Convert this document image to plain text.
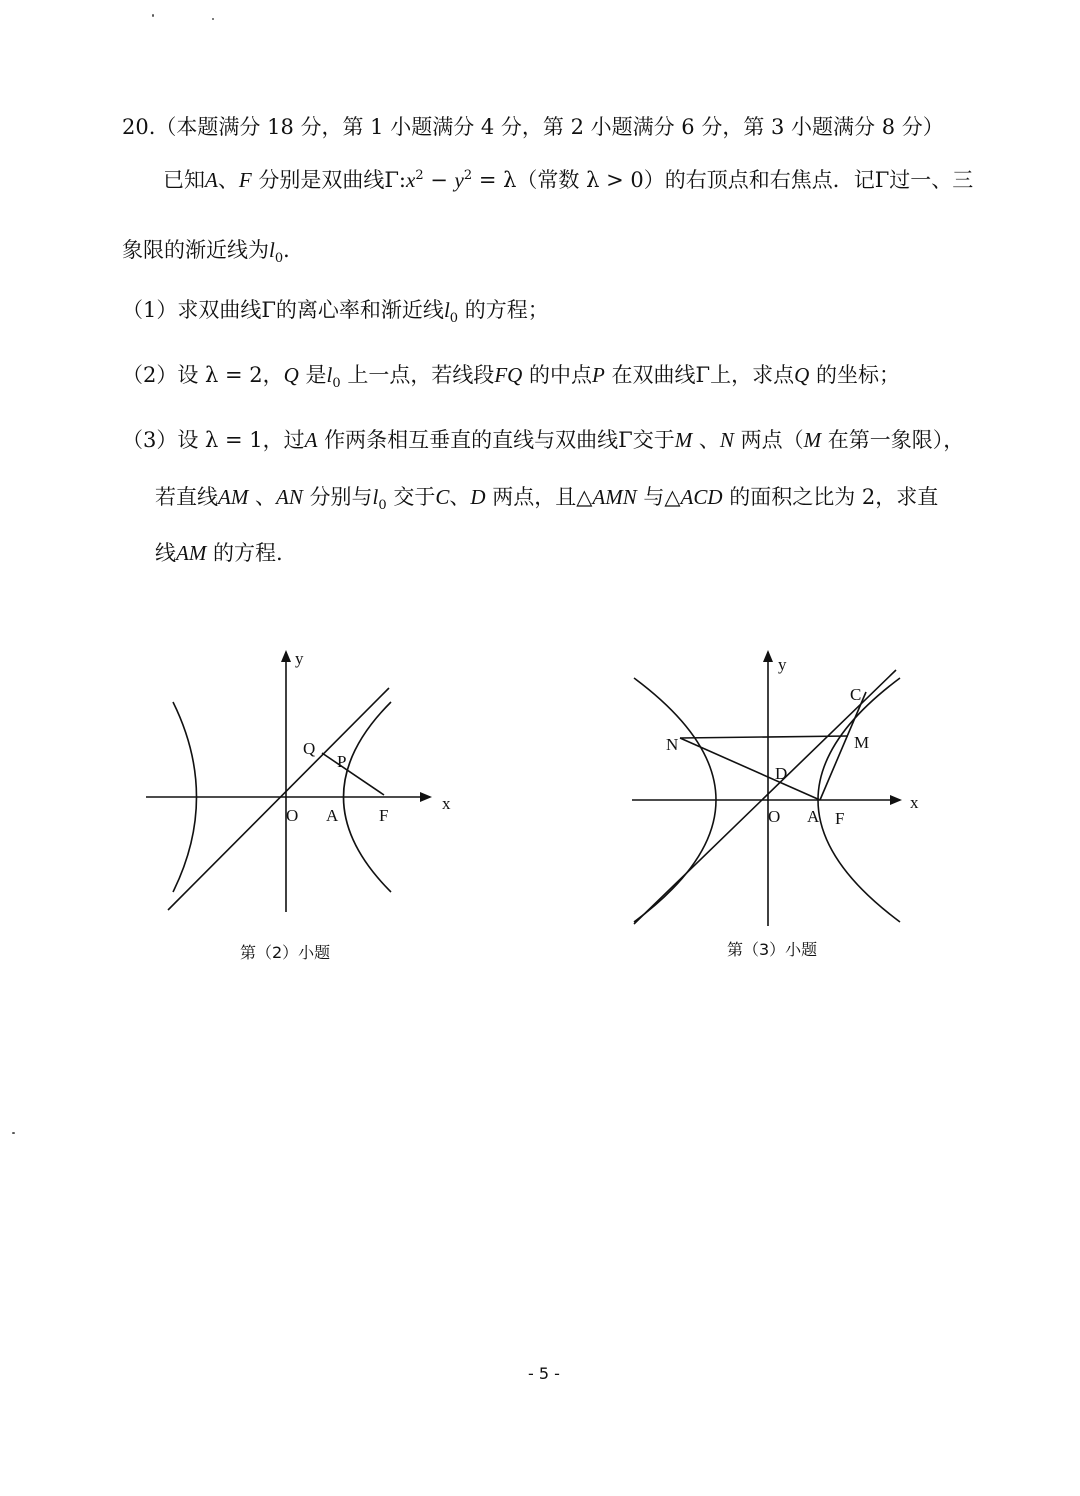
20.（本题满分 18 分，第 1 小题满分 4 分，第 2 小题满分 6 分，第 3 小题满分 8 分）
已知A、F 分别是双曲线$\Gamma:x^2 - y^2 = \lambda$（常数 λ > 0）的右顶点和右焦点．记Γ过一、三
象限的渐近线为$l_0$．
（1）求双曲线Γ的离心率和渐近线$l_0$ 的方程；
（2）设 λ = 2，Q 是$l_0$ 上一点，若线段FQ 的中点P 在双曲线Γ上，求点Q 的坐标；
（3）设 λ = 1，过A 作两条相互垂直的直线与双曲线Γ交于M 、N 两点（M 在第一象限），
若直线AM 、AN 分别与$l_0$ 交于C、D 两点，且△AMN 与△ACD 的面积之比为 2，求直
线AM 的方程.
y
x
O A F
Q
P
第（2）小题
y
x
O A F
C
M
N
D
第（3）小题
- 5 -
